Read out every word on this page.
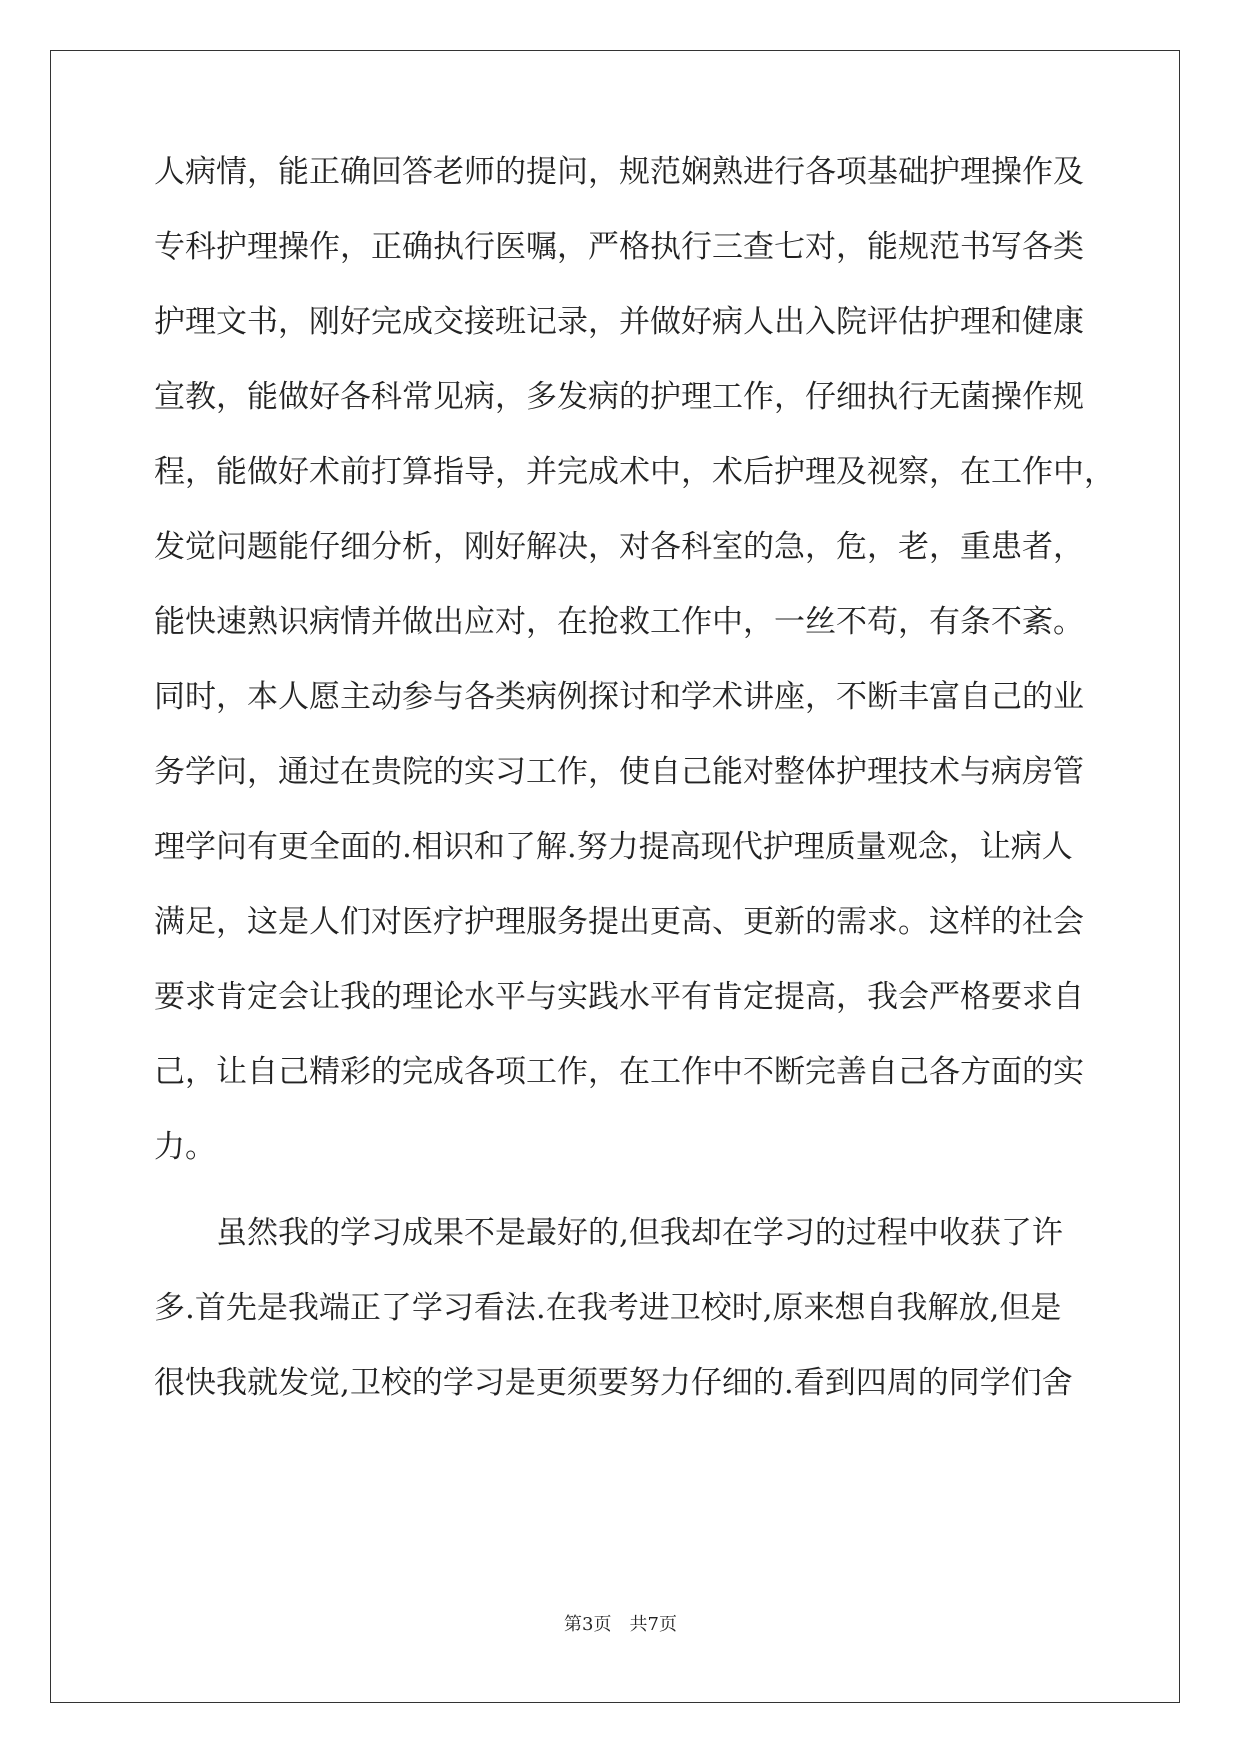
人病情，能正确回答老师的提问，规范娴熟进行各项基础护理操作及
专科护理操作，正确执行医嘱，严格执行三查七对，能规范书写各类
护理文书，刚好完成交接班记录，并做好病人出入院评估护理和健康
宣教，能做好各科常见病，多发病的护理工作，仔细执行无菌操作规
程，能做好术前打算指导，并完成术中，术后护理及视察，在工作中，
发觉问题能仔细分析，刚好解决，对各科室的急，危，老，重患者，
能快速熟识病情并做出应对，在抢救工作中，一丝不苟，有条不紊。
同时，本人愿主动参与各类病例探讨和学术讲座，不断丰富自己的业
务学问，通过在贵院的实习工作，使自己能对整体护理技术与病房管
理学问有更全面的.相识和了解.努力提高现代护理质量观念，让病人
满足，这是人们对医疗护理服务提出更高、更新的需求。这样的社会
要求肯定会让我的理论水平与实践水平有肯定提高，我会严格要求自
己，让自己精彩的完成各项工作，在工作中不断完善自己各方面的实
力。
虽然我的学习成果不是最好的,但我却在学习的过程中收获了许
多.首先是我端正了学习看法.在我考进卫校时,原来想自我解放,但是
很快我就发觉,卫校的学习是更须要努力仔细的.看到四周的同学们舍
第3页　共7页
